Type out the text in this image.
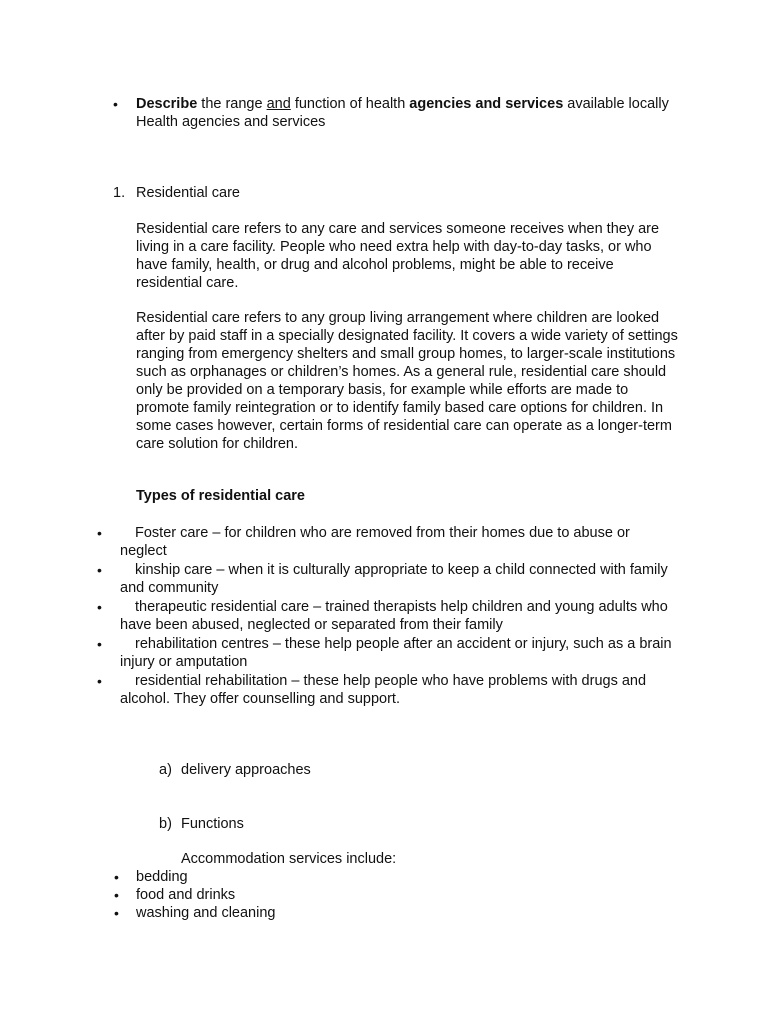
• Describe the range and function of health agencies and services available locally Health agencies and services

1. Residential care

Residential care refers to any care and services someone receives when they are living in a care facility. People who need extra help with day-to-day tasks, or who have family, health, or drug and alcohol problems, might be able to receive residential care.

Residential care refers to any group living arrangement where children are looked after by paid staff in a specially designated facility. It covers a wide variety of settings ranging from emergency shelters and small group homes, to larger-scale institutions such as orphanages or children’s homes. As a general rule, residential care should only be provided on a temporary basis, for example while efforts are made to promote family reintegration or to identify family based care options for children. In some cases however, certain forms of residential care can operate as a longer-term care solution for children.

Types of residential care
•	Foster care – for children who are removed from their homes due to abuse or neglect
•	kinship care – when it is culturally appropriate to keep a child connected with family and community
•	therapeutic residential care – trained therapists help children and young adults who have been abused, neglected or separated from their family
•	rehabilitation centres – these help people after an accident or injury, such as a brain injury or amputation
•	residential rehabilitation – these help people who have problems with drugs and alcohol. They offer counselling and support.
a) delivery approaches
b) Functions
Accommodation services include:
• bedding
• food and drinks
• washing and cleaning
